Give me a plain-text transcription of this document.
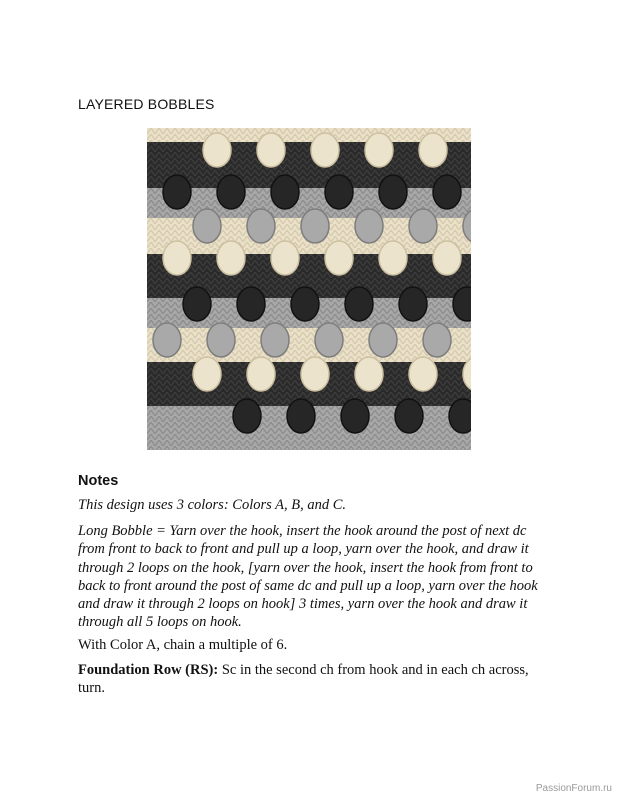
LAYERED BOBBLES
Notes
This design uses 3 colors: Colors A, B, and C.
Long Bobble = Yarn over the hook, insert the hook around the post of next dc from front to back to front and pull up a loop, yarn over the hook, and draw it through 2 loops on the hook, [yarn over the hook, insert the hook from front to back to front around the post of same dc and pull up a loop, yarn over the hook and draw it through 2 loops on hook] 3 times, yarn over the hook and draw it through all 5 loops on hook.
With Color A, chain a multiple of 6.
Foundation Row (RS): Sc in the second ch from hook and in each ch across, turn.
PassionForum.ru
